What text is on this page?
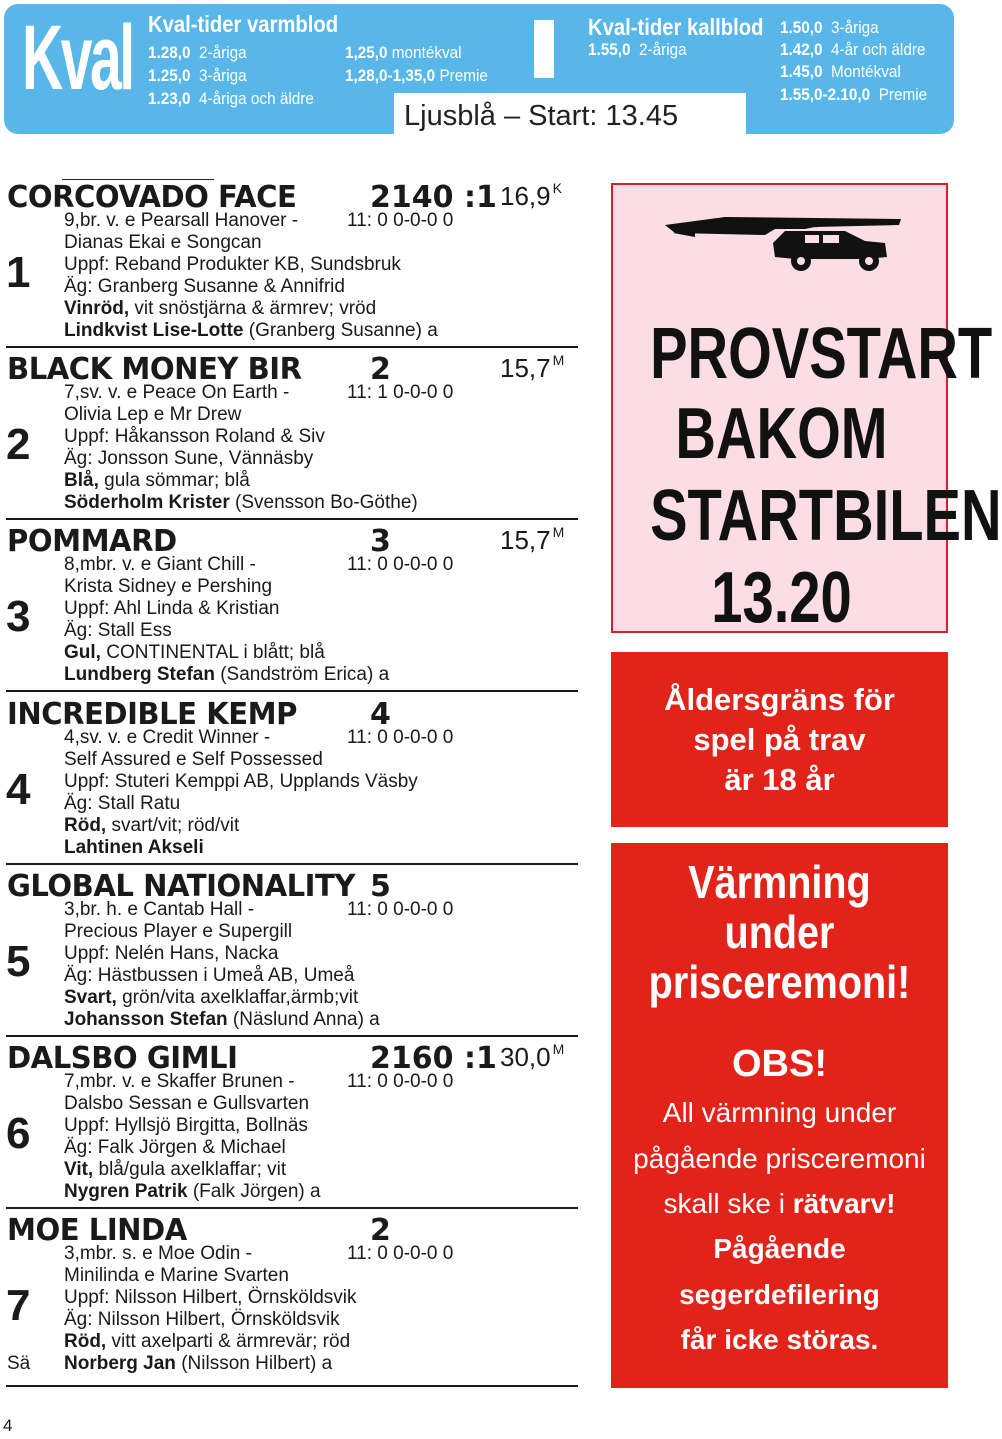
Kval Kval-tider varmblod
1.28,0 2-åriga
1.25,0 3-åriga
1.23,0 4-åriga och äldre
1,25,0 montékval
1,28,0-1,35,0 Premie
Kval-tider kallblod
1.55,0 2-åriga
1.50,0 3-åriga
1.42,0 4-år och äldre
1.45,0 Montékval
1.55,0-2.10,0 Premie
Ljusblå – Start: 13.45
CORCOVADO FACE 2140 :1 16,9 $^K$
9,br. v. e Pearsall Hanover -	11: 0 0-0-0 0
Dianas Ekai e Songcan
Uppf: Reband Produkter KB, Sundsbruk
Äg: Granberg Susanne & Annifrid
Vinröd, vit snöstjärna & ärmrev; vröd
Lindkvist Lise-Lotte (Granberg Susanne) a
1
BLACK MONEY BIR 2	15,7 $^M$
7,sv. v. e Peace On Earth -	11: 1 0-0-0 0
Olivia Lep e Mr Drew
Uppf: Håkansson Roland & Siv
Äg: Jonsson Sune, Vännäsby
Blå, gula sömmar; blå
Söderholm Krister (Svensson Bo-Göthe)
2
POMMARD	3	15,7 $^M$
8,mbr. v. e Giant Chill -	11: 0 0-0-0 0
Krista Sidney e Pershing
Uppf: Ahl Linda & Kristian
Äg: Stall Ess
Gul, CONTINENTAL i blått; blå
Lundberg Stefan (Sandström Erica) a
3
INCREDIBLE KEMP 4
4,sv. v. e Credit Winner -	11: 0 0-0-0 0
Self Assured e Self Possessed
Uppf: Stuteri Kemppi AB, Upplands Väsby
Äg: Stall Ratu
Röd, svart/vit; röd/vit
Lahtinen Akseli
4
GLOBAL NATIONALITY 5
3,br. h. e Cantab Hall -	11: 0 0-0-0 0
Precious Player e Supergill
Uppf: Nelén Hans, Nacka
Äg: Hästbussen i Umeå AB, Umeå
Svart, grön/vita axelklaffar,ärmb;vit
Johansson Stefan (Näslund Anna) a
5
DALSBO GIMLI	2160 :1 30,0 $^M$
7,mbr. v. e Skaffer Brunen -	11: 0 0-0-0 0
Dalsbo Sessan e Gullsvarten
Uppf: Hyllsjö Birgitta, Bollnäs
Äg: Falk Jörgen & Michael
Vit, blå/gula axelklaffar; vit
Nygren Patrik (Falk Jörgen) a
6
MOE LINDA	2
3,mbr. s. e Moe Odin -	11: 0 0-0-0 0
Minilinda e Marine Svarten
Uppf: Nilsson Hilbert, Örnsköldsvik
Äg: Nilsson Hilbert, Örnsköldsvik
Röd, vitt axelparti & ärmrevär; röd
Norberg Jan (Nilsson Hilbert) a
7
Sä
4
PROVSTART
BAKOM
STARTBILEN
13.20
Åldersgräns för
spel på trav
är 18 år
Värmning
under
prisceremoni!
OBS!
All värmning under
pågående prisceremoni
skall ske i rätvarv!
Pågående
segerdefilering
får icke störas.
